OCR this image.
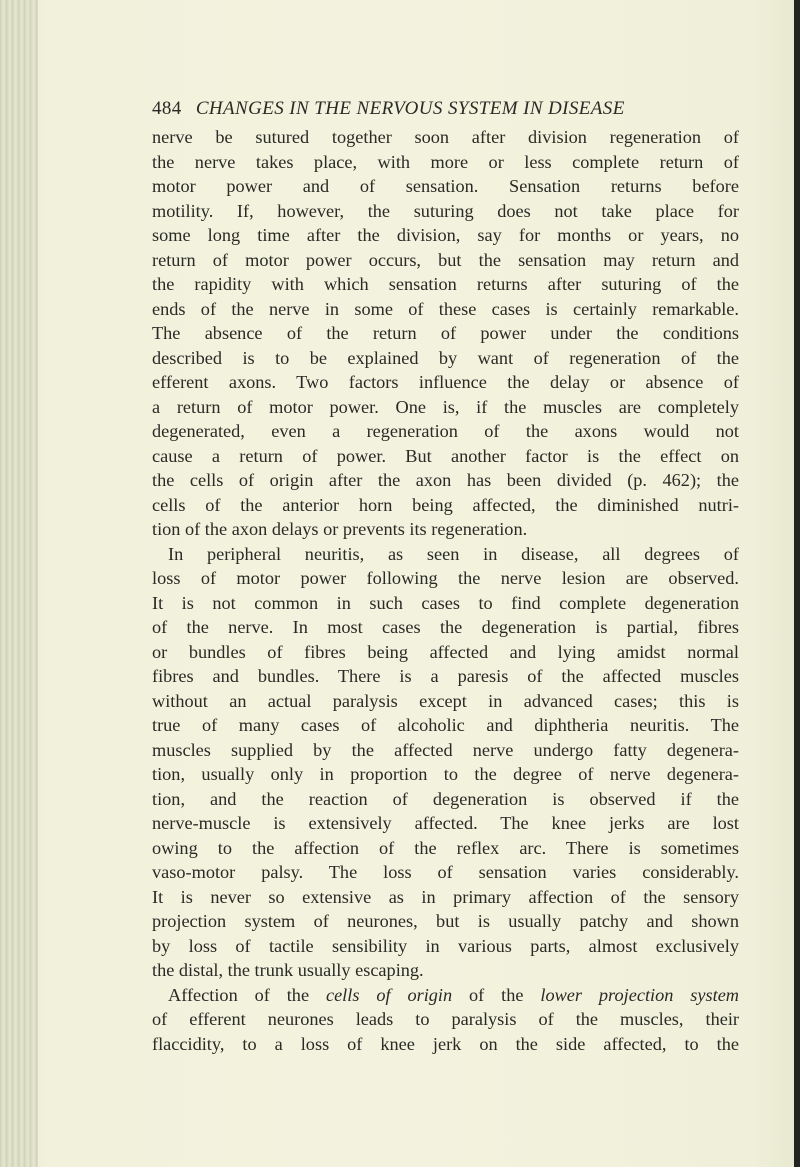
484 CHANGES IN THE NERVOUS SYSTEM IN DISEASE
nerve be sutured together soon after division regeneration of
the nerve takes place, with more or less complete return of
motor power and of sensation. Sensation returns before
motility. If, however, the suturing does not take place for
some long time after the division, say for months or years, no
return of motor power occurs, but the sensation may return and
the rapidity with which sensation returns after suturing of the
ends of the nerve in some of these cases is certainly remarkable.
The absence of the return of power under the conditions
described is to be explained by want of regeneration of the
efferent axons. Two factors influence the delay or absence of
a return of motor power. One is, if the muscles are completely
degenerated, even a regeneration of the axons would not
cause a return of power. But another factor is the effect on
the cells of origin after the axon has been divided (p. 462); the
cells of the anterior horn being affected, the diminished nutri-
tion of the axon delays or prevents its regeneration.
In peripheral neuritis, as seen in disease, all degrees of
loss of motor power following the nerve lesion are observed.
It is not common in such cases to find complete degeneration
of the nerve. In most cases the degeneration is partial, fibres
or bundles of fibres being affected and lying amidst normal
fibres and bundles. There is a paresis of the affected muscles
without an actual paralysis except in advanced cases; this is
true of many cases of alcoholic and diphtheria neuritis. The
muscles supplied by the affected nerve undergo fatty degenera-
tion, usually only in proportion to the degree of nerve degenera-
tion, and the reaction of degeneration is observed if the
nerve-muscle is extensively affected. The knee jerks are lost
owing to the affection of the reflex arc. There is sometimes
vaso-motor palsy. The loss of sensation varies considerably.
It is never so extensive as in primary affection of the sensory
projection system of neurones, but is usually patchy and shown
by loss of tactile sensibility in various parts, almost exclusively
the distal, the trunk usually escaping.
Affection of the cells of origin of the lower projection system
of efferent neurones leads to paralysis of the muscles, their
flaccidity, to a loss of knee jerk on the side affected, to the
